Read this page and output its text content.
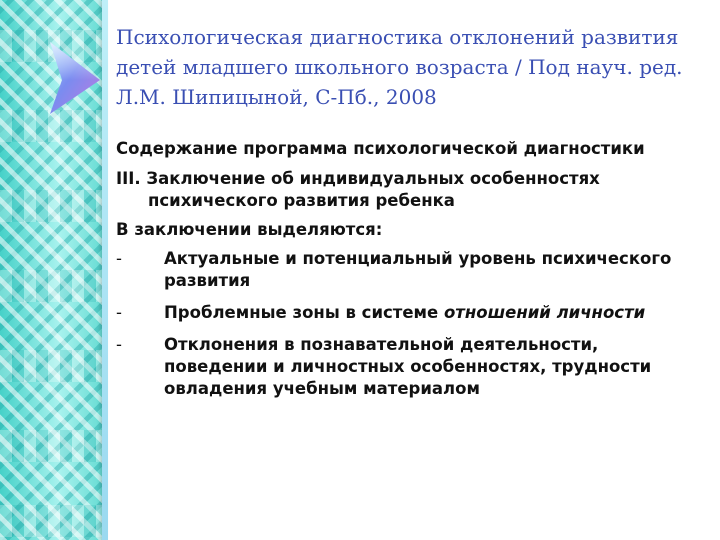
Психологическая диагностика отклонений развития детей младшего школьного возраста / Под науч. ред. Л.М. Шипицыной, С-Пб., 2008

Содержание программа психологической диагностики

III. Заключение об индивидуальных особенностях психического развития ребенка

В заключении выделяются:

-	Актуальные и потенциальный уровень психического развития
-	Проблемные зоны в системе отношений личности
-	Отклонения в познавательной деятельности, поведении и личностных особенностях, трудности овладения учебным материалом
